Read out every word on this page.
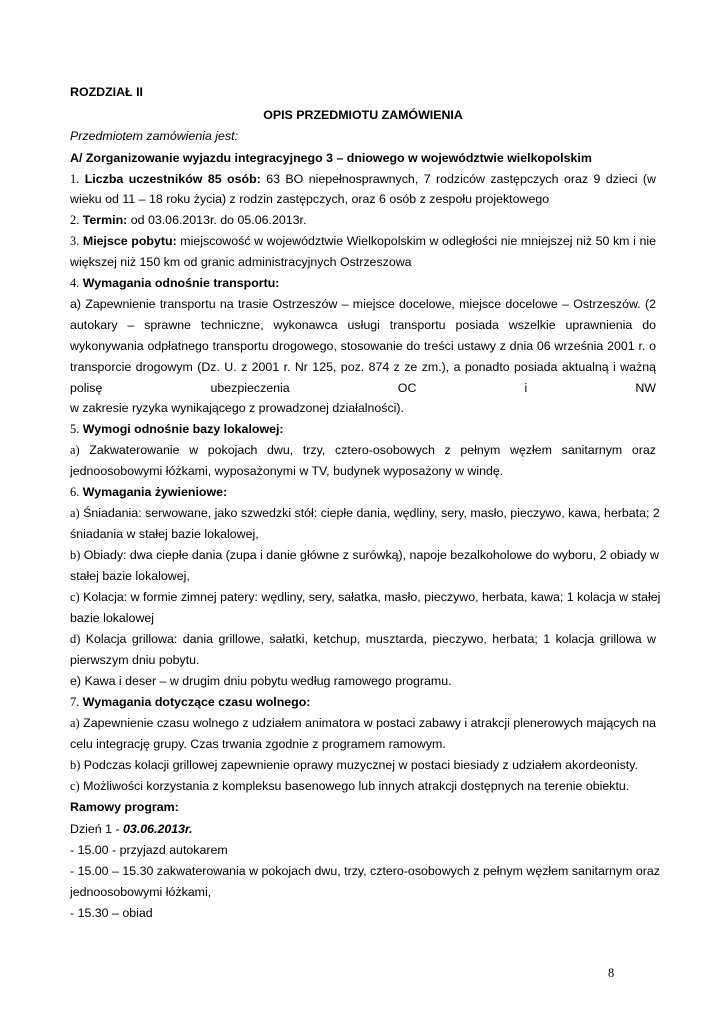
ROZDZIAŁ II
OPIS PRZEDMIOTU ZAMÓWIENIA
Przedmiotem zamówienia jest:
A/ Zorganizowanie wyjazdu integracyjnego 3 – dniowego w województwie wielkopolskim
1. Liczba uczestników 85 osób: 63 BO niepełnosprawnych, 7 rodziców zastępczych oraz 9 dzieci (w
wieku od 11 – 18 roku życia) z rodzin zastępczych, oraz 6 osób z zespołu projektowego
2. Termin: od 03.06.2013r. do 05.06.2013r.
3. Miejsce pobytu: miejscowość w województwie Wielkopolskim w odległości nie mniejszej niż 50 km i nie
większej niż 150 km od granic administracyjnych Ostrzeszowa
4. Wymagania odnośnie transportu:
a) Zapewnienie transportu na trasie Ostrzeszów – miejsce docelowe, miejsce docelowe – Ostrzeszów. (2
autokary – sprawne techniczne, wykonawca usługi transportu posiada wszelkie uprawnienia do
wykonywania odpłatnego transportu drogowego, stosowanie do treści ustawy z dnia 06 września 2001 r. o
transporcie drogowym (Dz. U. z 2001 r. Nr 125, poz. 874 z ze zm.), a ponadto posiada aktualną i ważną
polisę ubezpieczenia OC i NW
w zakresie ryzyka wynikającego z prowadzonej działalności).
5. Wymogi odnośnie bazy lokalowej:
a) Zakwaterowanie w pokojach dwu, trzy, cztero-osobowych z pełnym węzłem sanitarnym oraz
jednoosobowymi łóżkami, wyposażonymi w TV, budynek wyposażony w windę.
6. Wymagania żywieniowe:
a) Śniadania: serwowane, jako szwedzki stół: ciepłe dania, wędliny, sery, masło, pieczywo, kawa, herbata; 2
śniadania w stałej bazie lokalowej,
b) Obiady: dwa ciepłe dania (zupa i danie główne z surówką), napoje bezalkoholowe do wyboru, 2 obiady w
stałej bazie lokalowej,
c) Kolacja: w formie zimnej patery: wędliny, sery, sałatka, masło, pieczywo, herbata, kawa; 1 kolacja w stałej
bazie lokalowej
d) Kolacja grillowa: dania grillowe, sałatki, ketchup, musztarda, pieczywo, herbata; 1 kolacja grillowa w
pierwszym dniu pobytu.
e) Kawa i deser – w drugim dniu pobytu według ramowego programu.
7. Wymagania dotyczące czasu wolnego:
a) Zapewnienie czasu wolnego z udziałem animatora w postaci zabawy i atrakcji plenerowych mających na
celu integrację grupy. Czas trwania zgodnie z programem ramowym.
b) Podczas kolacji grillowej zapewnienie oprawy muzycznej w postaci biesiady z udziałem akordeonisty.
c) Możliwości korzystania z kompleksu basenowego lub innych atrakcji dostępnych na terenie obiektu.
Ramowy program:
Dzień 1 - 03.06.2013r.
- 15.00 - przyjazd autokarem
- 15.00 – 15.30 zakwaterowania w pokojach dwu, trzy, cztero-osobowych z pełnym węzłem sanitarnym oraz
jednoosobowymi łóżkami,
- 15.30 – obiad
8
